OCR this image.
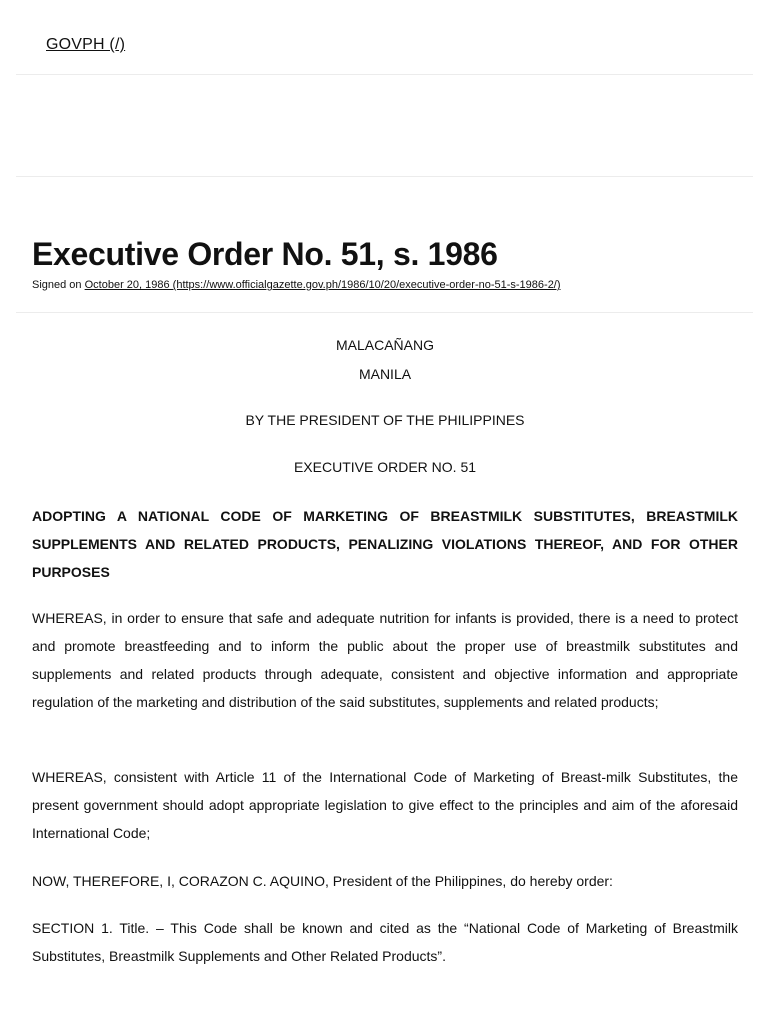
GOVPH (/)
Executive Order No. 51, s. 1986
Signed on October 20, 1986 (https://www.officialgazette.gov.ph/1986/10/20/executive-order-no-51-s-1986-2/)
MALACAÑANG
MANILA
BY THE PRESIDENT OF THE PHILIPPINES
EXECUTIVE ORDER NO. 51

ADOPTING A NATIONAL CODE OF MARKETING OF BREASTMILK SUBSTITUTES, BREASTMILK SUPPLEMENTS AND RELATED PRODUCTS, PENALIZING VIOLATIONS THEREOF, AND FOR OTHER PURPOSES

WHEREAS, in order to ensure that safe and adequate nutrition for infants is provided, there is a need to protect and promote breastfeeding and to inform the public about the proper use of breastmilk substitutes and supplements and related products through adequate, consistent and objective information and appropriate regulation of the marketing and distribution of the said substitutes, supplements and related products;

WHEREAS, consistent with Article 11 of the International Code of Marketing of Breast-milk Substitutes, the present government should adopt appropriate legislation to give effect to the principles and aim of the aforesaid International Code;

NOW, THEREFORE, I, CORAZON C. AQUINO, President of the Philippines, do hereby order:

SECTION 1. Title. – This Code shall be known and cited as the “National Code of Marketing of Breastmilk Substitutes, Breastmilk Supplements and Other Related Products”.
